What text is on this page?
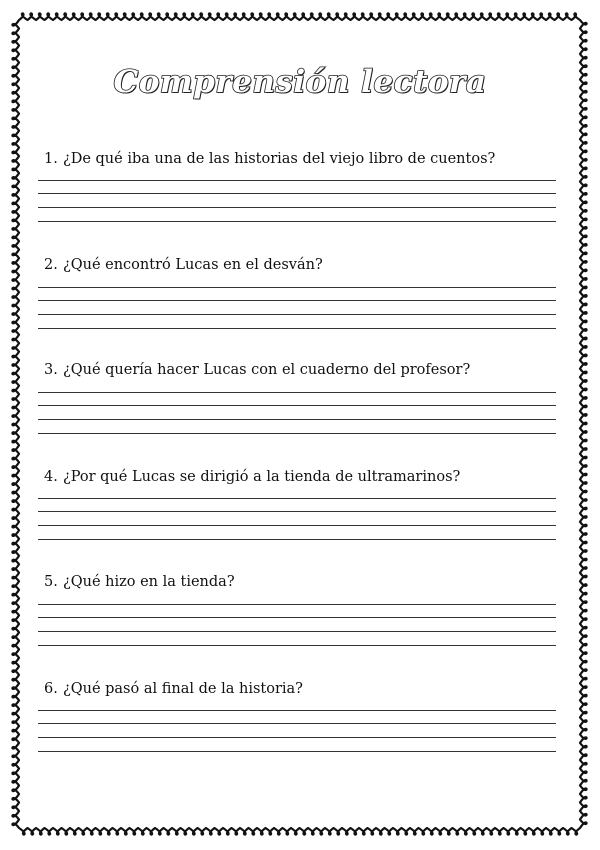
Comprensión lectora
1. ¿De qué iba una de las historias del viejo libro de cuentos?
2. ¿Qué encontró Lucas en el desván?
3. ¿Qué quería hacer Lucas con el cuaderno del profesor?
4. ¿Por qué Lucas se dirigió a la tienda de ultramarinos?
5. ¿Qué hizo en la tienda?
6. ¿Qué pasó al final de la historia?
